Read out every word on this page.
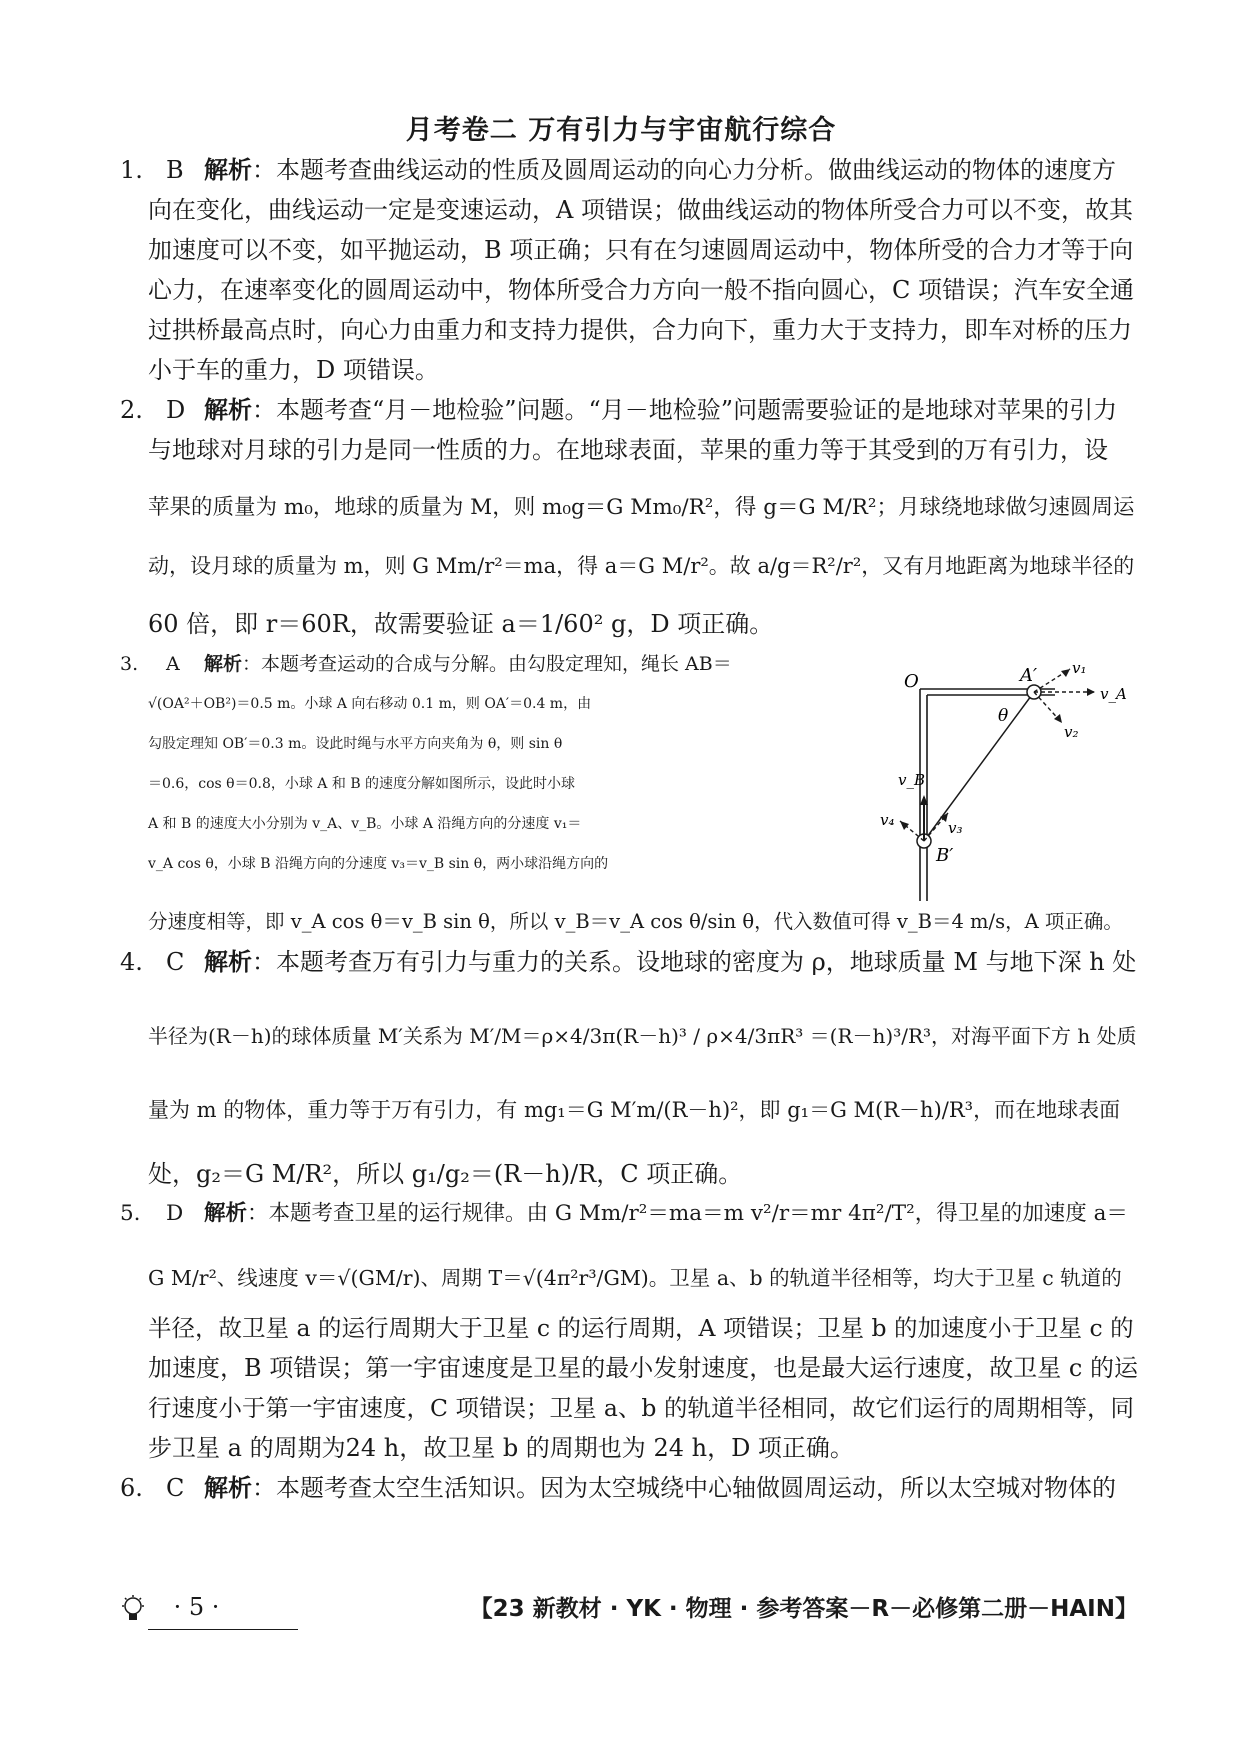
月考卷二 万有引力与宇宙航行综合
1. B 解析：本题考查曲线运动的性质及圆周运动的向心力分析。做曲线运动的物体的速度方
向在变化，曲线运动一定是变速运动，A 项错误；做曲线运动的物体所受合力可以不变，故其
加速度可以不变，如平抛运动，B 项正确；只有在匀速圆周运动中，物体所受的合力才等于向
心力，在速率变化的圆周运动中，物体所受合力方向一般不指向圆心，C 项错误；汽车安全通
过拱桥最高点时，向心力由重力和支持力提供，合力向下，重力大于支持力，即车对桥的压力
小于车的重力，D 项错误。
2. D 解析：本题考查“月－地检验”问题。“月－地检验”问题需要验证的是地球对苹果的引力
与地球对月球的引力是同一性质的力。在地球表面，苹果的重力等于其受到的万有引力，设
苹果的质量为 m₀，地球的质量为 M，则 m₀g＝G Mm₀/R²，得 g＝G M/R²；月球绕地球做匀速圆周运
动，设月球的质量为 m，则 G Mm/r²＝ma，得 a＝G M/r²。故 a/g＝R²/r²，又有月地距离为地球半径的
60 倍，即 r＝60R，故需要验证 a＝1/60² g，D 项正确。
3. A 解析：本题考查运动的合成与分解。由勾股定理知，绳长 AB＝
√(OA²＋OB²)＝0.5 m。小球 A 向右移动 0.1 m，则 OA′＝0.4 m，由
勾股定理知 OB′＝0.3 m。设此时绳与水平方向夹角为 θ，则 sin θ
＝0.6，cos θ＝0.8，小球 A 和 B 的速度分解如图所示，设此时小球
A 和 B 的速度大小分别为 v_A、v_B。小球 A 沿绳方向的分速度 v₁＝
v_A cos θ，小球 B 沿绳方向的分速度 v₃＝v_B sin θ，两小球沿绳方向的
分速度相等，即 v_A cos θ＝v_B sin θ，所以 v_B＝v_A cos θ/sin θ，代入数值可得 v_B＝4 m/s，A 项正确。
4. C 解析：本题考查万有引力与重力的关系。设地球的密度为 ρ，地球质量 M 与地下深 h 处
半径为(R－h)的球体质量 M′关系为 M′/M＝ρ×4/3π(R－h)³ / ρ×4/3πR³ ＝(R－h)³/R³，对海平面下方 h 处质
量为 m 的物体，重力等于万有引力，有 mg₁＝G M′m/(R－h)²，即 g₁＝G M(R－h)/R³，而在地球表面
处，g₂＝G M/R²，所以 g₁/g₂＝(R－h)/R，C 项正确。
5. D 解析：本题考查卫星的运行规律。由 G Mm/r²＝ma＝m v²/r＝mr 4π²/T²，得卫星的加速度 a＝
G M/r²、线速度 v＝√(GM/r)、周期 T＝√(4π²r³/GM)。卫星 a、b 的轨道半径相等，均大于卫星 c 轨道的
半径，故卫星 a 的运行周期大于卫星 c 的运行周期，A 项错误；卫星 b 的加速度小于卫星 c 的
加速度，B 项错误；第一宇宙速度是卫星的最小发射速度，也是最大运行速度，故卫星 c 的运
行速度小于第一宇宙速度，C 项错误；卫星 a、b 的轨道半径相同，故它们运行的周期相等，同
步卫星 a 的周期为24 h，故卫星 b 的周期也为 24 h，D 项正确。
6. C 解析：本题考查太空生活知识。因为太空城绕中心轴做圆周运动，所以太空城对物体的
O	A′
B′
θ
v₁
v_A
v₂
v_B
v₄	v₃
· 5 ·	【23 新教材 · YK · 物理 · 参考答案－R－必修第二册－HAIN】
